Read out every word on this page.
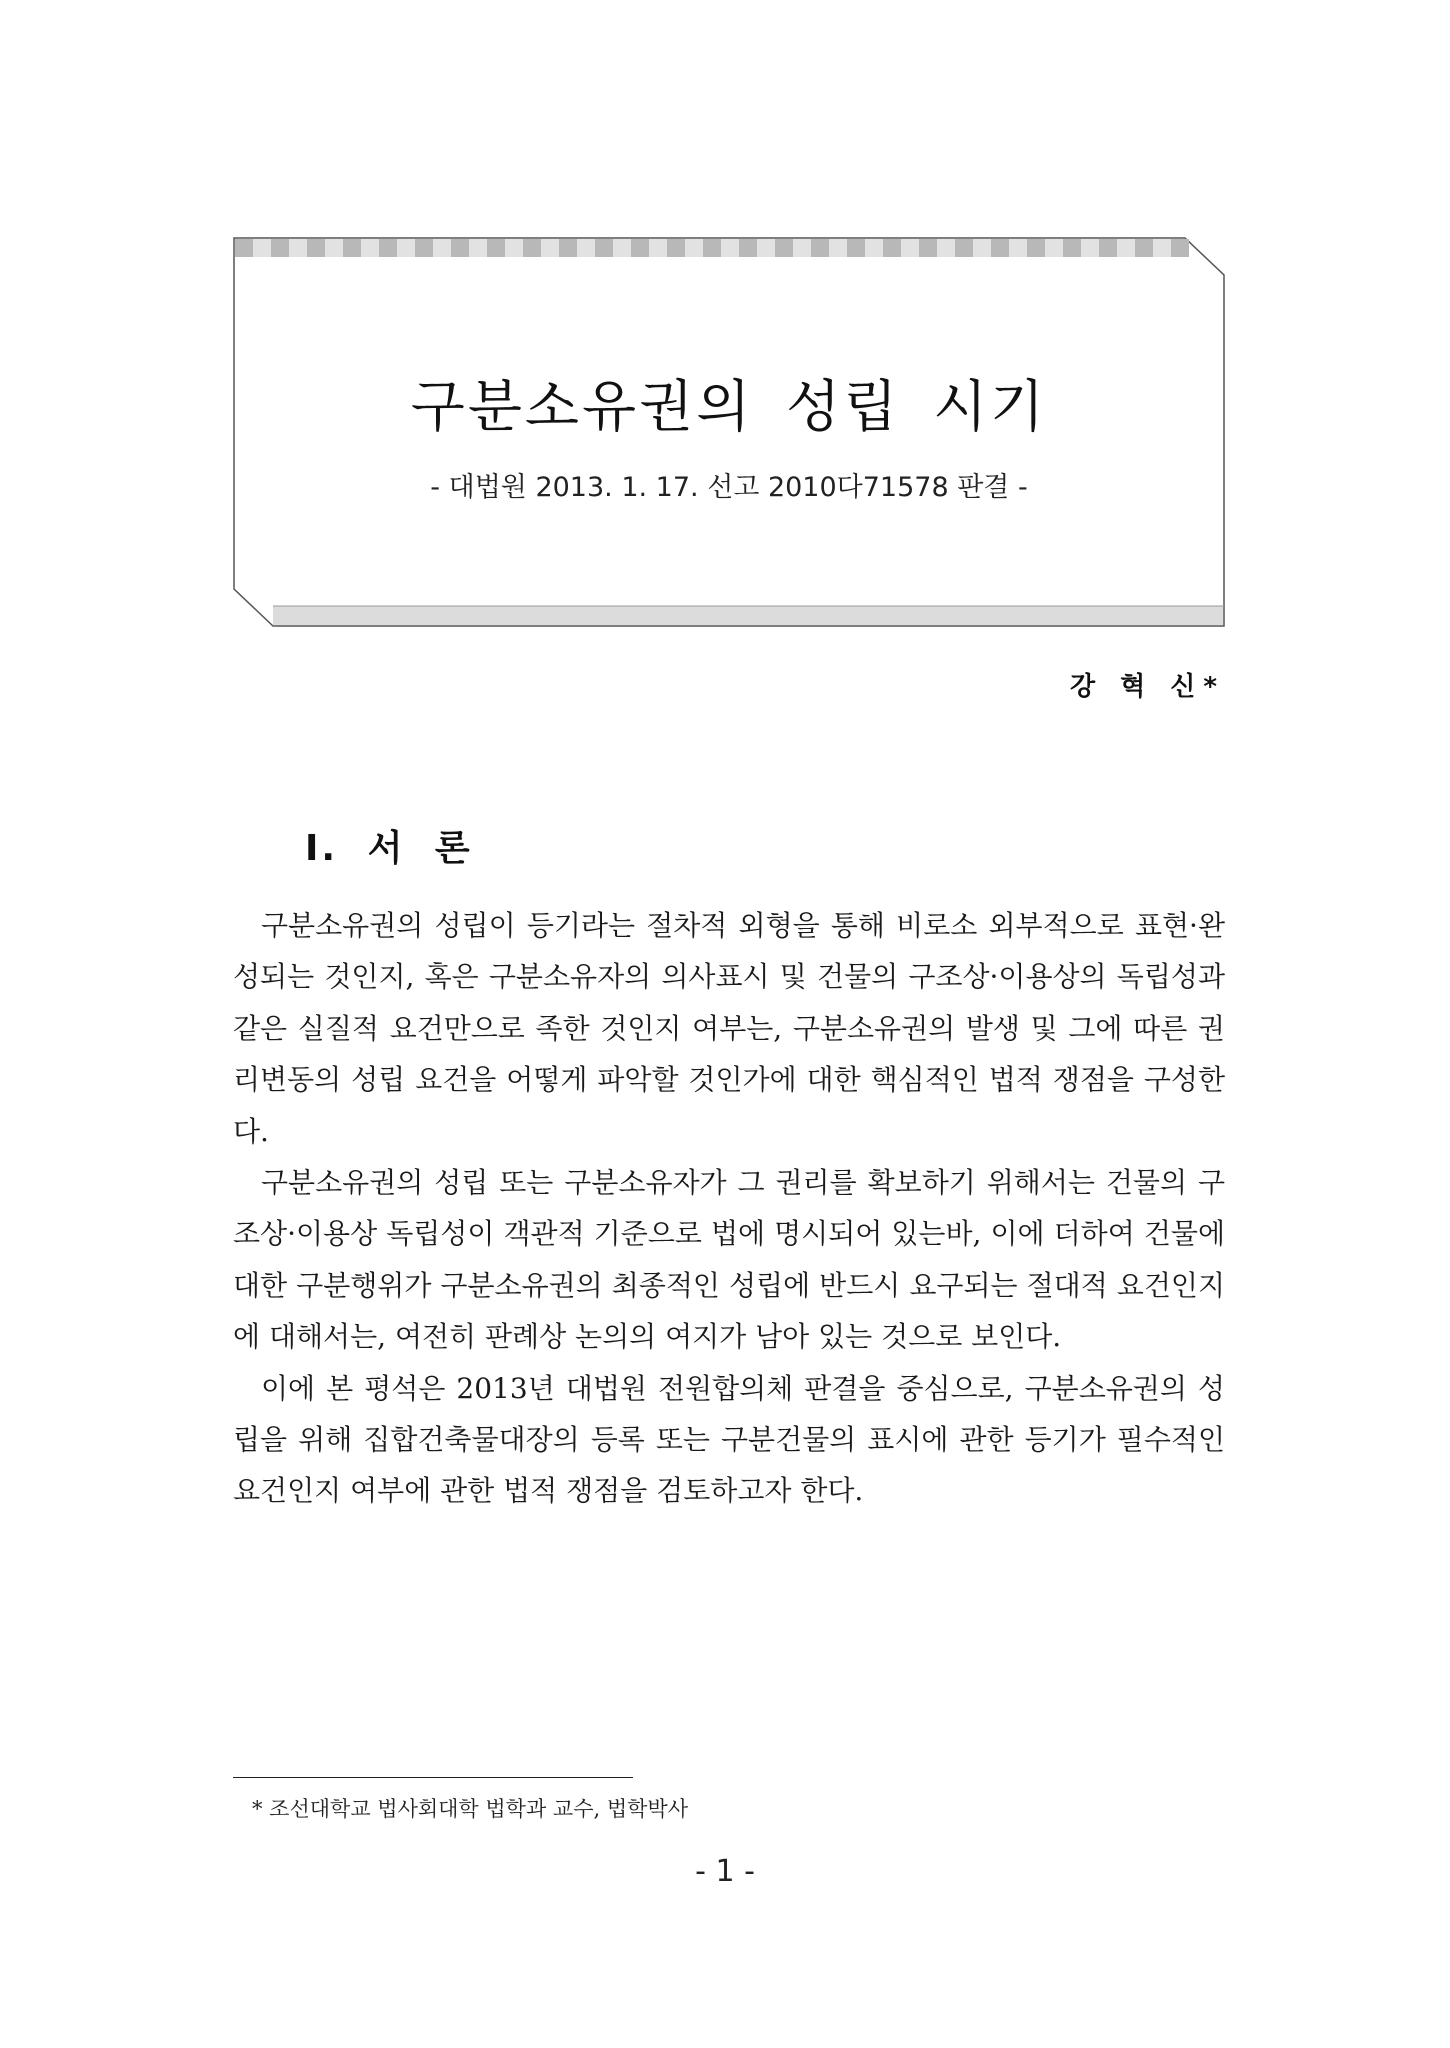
구분소유권의 성립 시기
- 대법원 2013. 1. 17. 선고 2010다71578 판결 -
강 혁 신*
Ⅰ. 서 론

구분소유권의 성립이 등기라는 절차적 외형을 통해 비로소 외부적으로 표현·완성되는 것인지, 혹은 구분소유자의 의사표시 및 건물의 구조상·이용상의 독립성과 같은 실질적 요건만으로 족한 것인지 여부는, 구분소유권의 발생 및 그에 따른 권리변동의 성립 요건을 어떻게 파악할 것인가에 대한 핵심적인 법적 쟁점을 구성한다.

구분소유권의 성립 또는 구분소유자가 그 권리를 확보하기 위해서는 건물의 구조상·이용상 독립성이 객관적 기준으로 법에 명시되어 있는바, 이에 더하여 건물에 대한 구분행위가 구분소유권의 최종적인 성립에 반드시 요구되는 절대적 요건인지에 대해서는, 여전히 판례상 논의의 여지가 남아 있는 것으로 보인다.

이에 본 평석은 2013년 대법원 전원합의체 판결을 중심으로, 구분소유권의 성립을 위해 집합건축물대장의 등록 또는 구분건물의 표시에 관한 등기가 필수적인 요건인지 여부에 관한 법적 쟁점을 검토하고자 한다.

* 조선대학교 법사회대학 법학과 교수, 법학박사
- 1 -
